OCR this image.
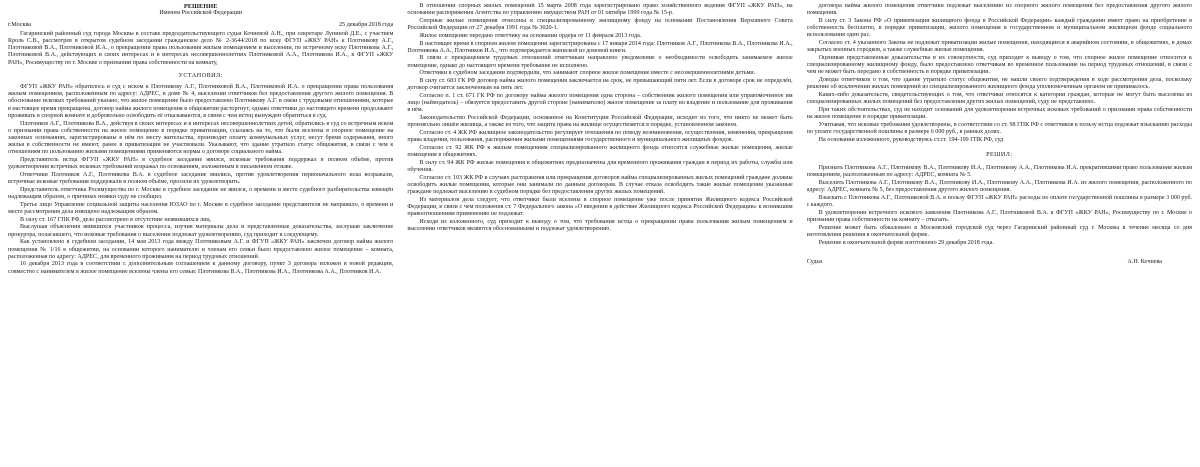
РЕШЕНИЕ
Именем Российской Федерации
г.Москва	25 декабря 2018 года

Гагаринский районный суд города Москвы в составе председательствующего судьи Кочневой А.Н., при секретаре Луниной Д.Е., с участием Кроль С.В., рассмотрев в открытом судебном заседании гражданское дело № 2-3644/2018 по иску ФГУП «ЖКУ РАН» к Плотникову А.Г., Плотниковой В.А., Плотниковой И.А., о прекращении права пользования жилым помещением и выселении, по встречному иску Плотникова А.Г., Плотниковой В.А., действующих в своих интересах и в интересах несовершеннолетних Плотниковой А.А., Плотникова И.А., к ФГУП «ЖКУ РАН», Росимуществу по г. Москве о признании права собственности на комнату,

УСТАНОВИЛ:

ФГУП «ЖКУ РАН» обратилось в суд с иском к Плотникову А.Г., Плотниковой В.А., Плотниковой И.А. о прекращении права пользования жилым помещением, расположенным по адресу: АДРЕС, в доме № 4, выселении ответчиков без предоставления другого жилого помещения. В обоснование исковых требований указано, что жилое помещение было предоставлено Плотникову А.Г. в связи с трудовыми отношениями, которые в настоящее время прекращены, договор найма жилого помещения в общежитии расторгнут, однако ответчики до настоящего времени продолжают проживать в спорной комнате и добровольно освободить её отказываются, в связи с чем истец вынужден обратиться в суд.

Плотников А.Г., Плотникова В.А., действуя в своих интересах и в интересах несовершеннолетних детей, обратились в суд со встречным иском о признании права собственности на жилое помещение в порядке приватизации, ссылаясь на то, что были вселены в спорное помещение на законных основаниях, зарегистрированы в нём по месту жительства, производят оплату коммунальных услуг, несут бремя содержания, иного жилья в собственности не имеют, ранее в приватизации не участвовали. Указывают, что здание утратило статус общежития, в связи с чем к отношениям по пользованию жилыми помещениями применяются нормы о договоре социального найма.

Представитель истца ФГУП «ЖКУ РАН» в судебное заседание явился, исковые требования поддержал в полном объёме, против удовлетворения встречных исковых требований возражал по основаниям, изложенным в письменном отзыве.

Ответчики Плотников А.Г., Плотникова В.А. в судебное заседание явились, против удовлетворения первоначального иска возражали, встречные исковые требования поддержали в полном объёме, просили их удовлетворить.

Представитель ответчика Росимущества по г. Москве в судебное заседание не явился, о времени и месте судебного разбирательства извещён надлежащим образом, о причинах неявки суду не сообщил.

Третье лицо Управление социальной защиты населения ЮЗАО по г. Москве в судебное заседание представителя не направило, о времени и месте рассмотрения дела извещено надлежащим образом.

В силу ст. 167 ГПК РФ, дело рассмотрено в отсутствие неявившихся лиц.

Выслушав объяснения явившихся участников процесса, изучив материалы дела и представленные доказательства, заслушав заключение прокурора, полагавшего, что исковые требования о выселении подлежат удовлетворению, суд приходит к следующему.

Как установлено в судебном заседании, 14 мая 2013 года между Плотниковым А.Г. и ФГУП «ЖКУ РАН» заключен договор найма жилого помещения № 1/16 в общежитии, на основании которого нанимателю и членам его семьи было предоставлено жилое помещение – комната, расположенная по адресу: АДРЕС, для временного проживания на период трудовых отношений.

16 декабря 2013 года в соответствии с дополнительным соглашением к данному договору, пункт 3 договора изложен в новой редакции, совместно с нанимателем в жилое помещение вселены члены его семьи: Плотникова В.А., Плотникова И.А., Плотникова А.А., Плотников И.А.

В отношении спорных жилых помещений 15 марта 2008 года зарегистрировано право хозяйственного ведения ФГУП «ЖКУ РАН», на основании распоряжения Агентства по управлению имуществом РАН от 01 октября 1999 года № 15-р.

Спорные жилые помещения отнесены к специализированному жилищному фонду на основании Постановления Верховного Совета Российской Федерации от 27 декабря 1991 года № 3020-1.

Жилое помещение передано ответчику на основании ордера от 11 февраля 2013 года.

В настоящее время в спорном жилом помещении зарегистрированы с 17 января 2014 года: Плотников А.Г., Плотникова В.А., Плотникова И.А., Плотникова А.А., Плотников И.А., что подтверждается выпиской из домовой книги.

В связи с прекращением трудовых отношений ответчикам направлено уведомление о необходимости освободить занимаемое жилое помещение, однако до настоящего времени требование не исполнено.

Ответчики в судебном заседании подтвердили, что занимают спорное жилое помещение вместе с несовершеннолетними детьми.

В силу ст. 683 ГК РФ договор найма жилого помещения заключается на срок, не превышающий пяти лет. Если в договоре срок не определён, договор считается заключенным на пять лет.

Согласно п. 1 ст. 671 ГК РФ по договору найма жилого помещения одна сторона – собственник жилого помещения или управомоченное им лицо (наймодатель) – обязуется предоставить другой стороне (нанимателю) жилое помещение за плату во владение и пользование для проживания в нём.

Законодательство Российской Федерации, основанное на Конституции Российской Федерации, исходит из того, что никто не может быть произвольно лишён жилища, а также из того, что защита права на жилище осуществляется в порядке, установленном законом.

Согласно ст. 4 ЖК РФ жилищное законодательство регулирует отношения по поводу возникновения, осуществления, изменения, прекращения права владения, пользования, распоряжения жилыми помещениями государственного и муниципального жилищных фондов.

Согласно ст. 92 ЖК РФ к жилым помещениям специализированного жилищного фонда относятся служебные жилые помещения, жилые помещения в общежитиях.

В силу ст. 94 ЖК РФ жилые помещения в общежитиях предназначены для временного проживания граждан в период их работы, службы или обучения.

Согласно ст. 103 ЖК РФ в случаях расторжения или прекращения договоров найма специализированных жилых помещений граждане должны освободить жилые помещения, которые они занимали по данным договорам. В случае отказа освободить такие жилые помещения указанные граждане подлежат выселению в судебном порядке без предоставления других жилых помещений.

Из материалов дела следует, что ответчики были вселены в спорное помещение уже после принятия Жилищного кодекса Российской Федерации, в связи с чем положения ст. 7 Федерального закона «О введении в действие Жилищного кодекса Российской Федерации» к возникшим правоотношениям применению не подлежат.

Исходя из изложенного, суд приходит к выводу о том, что требования истца о прекращении права пользования жилым помещением и выселении ответчиков являются обоснованными и подлежат удовлетворению.

договора найма жилого помещения ответчики подлежат выселению из спорного жилого помещения без предоставления другого жилого помещения.

В силу ст. 3 Закона РФ «О приватизации жилищного фонда в Российской Федерации» каждый гражданин имеет право на приобретение в собственность бесплатно, в порядке приватизации, жилого помещения в государственном и муниципальном жилищном фонде социального использования один раз.

Согласно ст. 4 указанного Закона не подлежат приватизации жилые помещения, находящиеся в аварийном состоянии, в общежитиях, в домах закрытых военных городков, а также служебные жилые помещения.

Оценивая представленные доказательства в их совокупности, суд приходит к выводу о том, что спорное жилое помещение относится к специализированному жилищному фонду, было предоставлено ответчикам во временное пользование на период трудовых отношений, в связи с чем не может быть передано в собственность в порядке приватизации.

Доводы ответчиков о том, что здание утратило статус общежития, не нашли своего подтверждения в ходе рассмотрения дела, поскольку решение об исключении жилых помещений из специализированного жилищного фонда уполномоченным органом не принималось.

Каких-либо доказательств, свидетельствующих о том, что ответчики относятся к категории граждан, которые не могут быть выселены из специализированных жилых помещений без предоставления других жилых помещений, суду не представлено.

При таких обстоятельствах, суд не находит оснований для удовлетворения встречных исковых требований о признании права собственности на жилое помещение в порядке приватизации.

Учитывая, что исковые требования удовлетворены, в соответствии со ст. 98 ГПК РФ с ответчиков в пользу истца подлежат взысканию расходы по уплате государственной пошлины в размере 6 000 руб., в равных долях.

На основании изложенного, руководствуясь ст.ст. 194-199 ГПК РФ, суд

РЕШИЛ:

Признать Плотникова А.Г., Плотникову В.А., Плотникову И.А., Плотникову А.А., Плотникова И.А. прекратившими право пользования жилым помещением, расположенным по адресу: АДРЕС, комната № 5.

Выселить Плотникова А.Г., Плотникову В.А., Плотникову И.А., Плотникову А.А., Плотникова И.А. из жилого помещения, расположенного по адресу: АДРЕС, комната № 5, без предоставления другого жилого помещения.

Взыскать с Плотникова А.Г., Плотниковой В.А. в пользу ФГУП «ЖКУ РАН» расходы по оплате государственной пошлины в размере 3 000 руб. с каждого.

В удовлетворении встречного искового заявления Плотникова А.Г., Плотниковой В.А. к ФГУП «ЖКУ РАН», Росимуществу по г. Москве о признании права собственности на комнату – отказать.

Решение может быть обжаловано в Московский городской суд через Гагаринский районный суд г. Москвы в течение месяца со дня изготовления решения в окончательной форме.

Решение в окончательной форме изготовлено 29 декабря 2018 года.

Судья	А.Н. Кочнева
